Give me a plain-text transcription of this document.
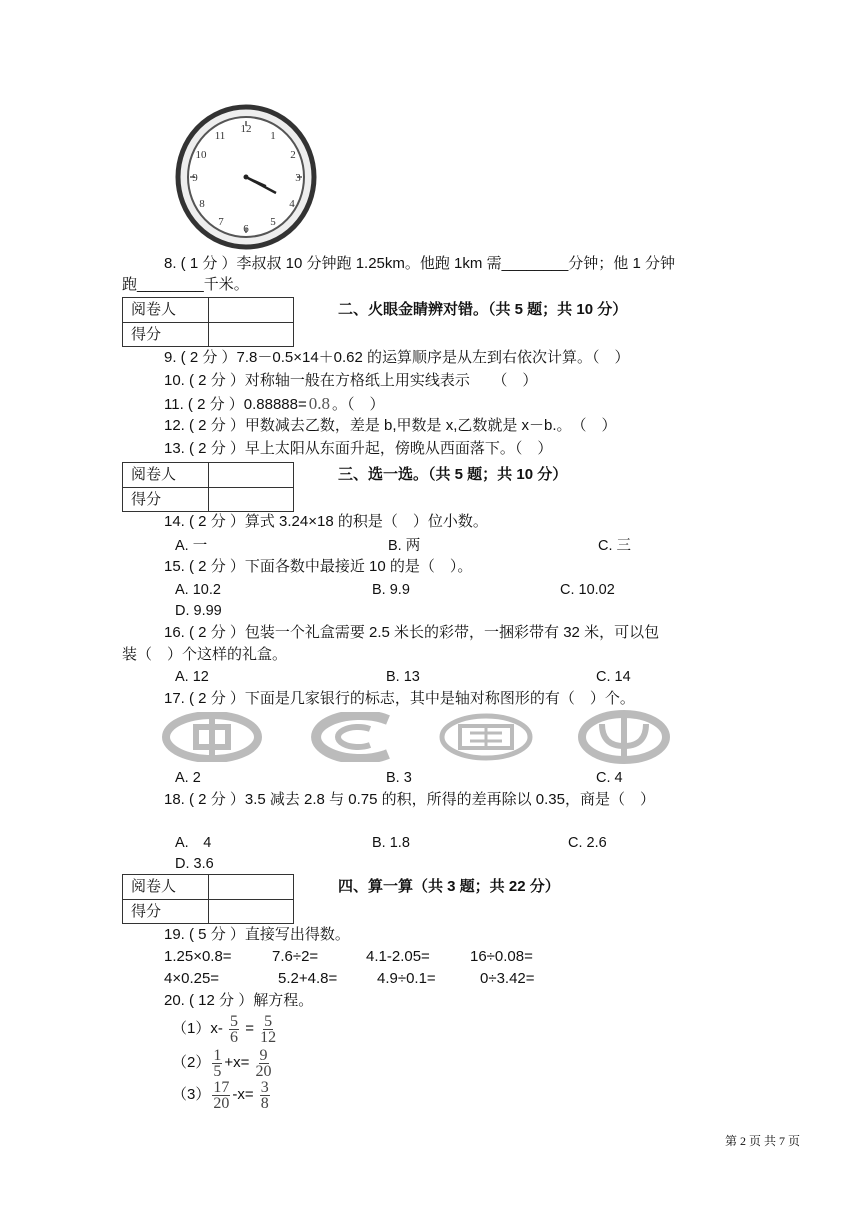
12
1
2
3
4
5
6
7
8
9
10
11
8. ( 1 分 ）李叔叔 10 分钟跑 1.25km。他跑 1km 需________分钟；他 1 分钟
跑________千米。
阅卷人
得分
二、火眼金睛辨对错。（共 5 题；共 10 分）
9. ( 2 分 ）7.8－0.5×14＋0.62 的运算顺序是从左到右依次计算。（　）
10. ( 2 分 ）对称轴一般在方格纸上用实线表示　　（　）
11. ( 2 分 ）0.88888= 0.8 。（　）
12. ( 2 分 ）甲数减去乙数，差是 b,甲数是 x,乙数就是 x－b.。　（　）
13. ( 2 分 ）早上太阳从东面升起，傍晚从西面落下。（　）
阅卷人
得分
三、选一选。（共 5 题；共 10 分）
14. ( 2 分 ）算式 3.24×18 的积是（　）位小数。
A. 一	B. 两	C. 三
15. ( 2 分 ）下面各数中最接近 10 的是（　）。
A. 10.2	B. 9.9	C. 10.02
D. 9.99
16. ( 2 分 ）包装一个礼盒需要 2.5 米长的彩带，一捆彩带有 32 米，可以包
装（　）个这样的礼盒。
A. 12	B. 13	C. 14
17. ( 2 分 ）下面是几家银行的标志，其中是轴对称图形的有（　）个。
A. 2	B. 3	C. 4
18. ( 2 分 ）3.5 减去 2.8 与 0.75 的积，所得的差再除以 0.35，商是（　）
A.　4	B. 1.8	C. 2.6
D. 3.6
阅卷人
得分
四、算一算（共 3 题；共 22 分）
19. ( 5 分 ）直接写出得数。
1.25×0.8=	7.6÷2=	4.1-2.05=	16÷0.08=
4×0.25=	5.2+4.8=	4.9÷0.1=	0÷3.42=
20. ( 12 分 ）解方程。
$(1)x- \frac{5}{6} = \frac{5}{12}$
$(2) \frac{1}{5} +x= \frac{9}{20}$
$(3) \frac{17}{20} -x= \frac{3}{8}$
第 2 页 共 7 页
